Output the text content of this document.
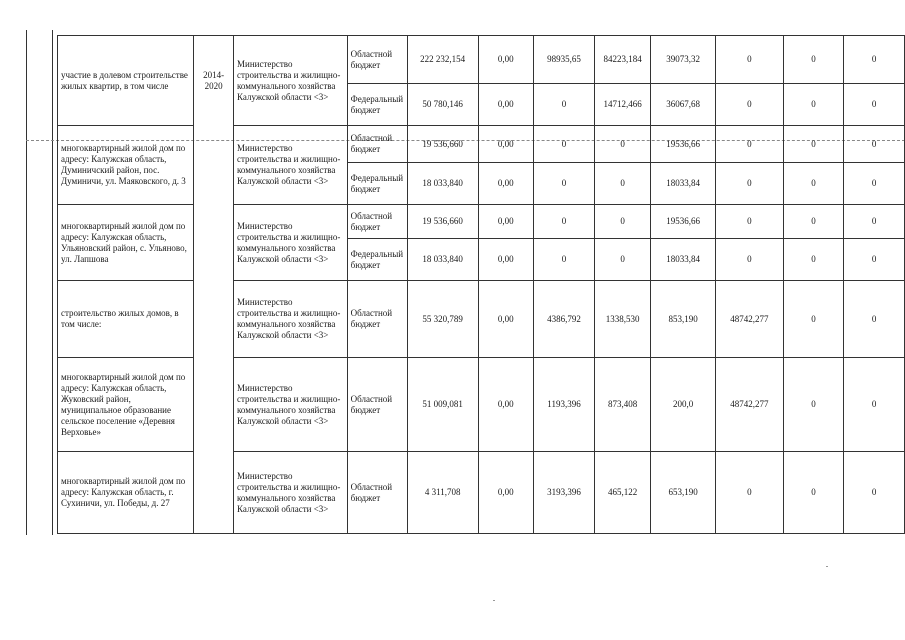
участие в долевом строительстве жилых квартир, в том числе	2014-2020	Министерство строительства и жилищно-коммунального хозяйства Калужской области <3>	Областной бюджет	222 232,154	0,00	98935,65	84223,184	39073,32	0	0	0
			Федеральный бюджет	50 780,146	0,00	0	14712,466	36067,68	0	0	0
многоквартирный жилой дом по адресу: Калужская область, Думиничский район, пос. Думиничи, ул. Маяковского, д. 3		Министерство строительства и жилищно-коммунального хозяйства Калужской области <3>	Областной бюджет	19 536,660	0,00	0	0	19536,66	0	0	0
			Федеральный бюджет	18 033,840	0,00	0	0	18033,84	0	0	0
многоквартирный жилой дом по адресу: Калужская область, Ульяновский район, с. Ульяново, ул. Лапшова		Министерство строительства и жилищно-коммунального хозяйства Калужской области <3>	Областной бюджет	19 536,660	0,00	0	0	19536,66	0	0	0
			Федеральный бюджет	18 033,840	0,00	0	0	18033,84	0	0	0
строительство жилых домов, в том числе:		Министерство строительства и жилищно-коммунального хозяйства Калужской области <3>	Областной бюджет	55 320,789	0,00	4386,792	1338,530	853,190	48742,277	0	0
многоквартирный жилой дом по адресу: Калужская область, Жуковский район, муниципальное образование сельское поселение «Деревня Верховье»		Министерство строительства и жилищно-коммунального хозяйства Калужской области <3>	Областной бюджет	51 009,081	0,00	1193,396	873,408	200,0	48742,277	0	0
многоквартирный жилой дом по адресу: Калужская область, г. Сухиничи, ул. Победы, д. 27		Министерство строительства и жилищно-коммунального хозяйства Калужской области <3>	Областной бюджет	4 311,708	0,00	3193,396	465,122	653,190	0	0	0
